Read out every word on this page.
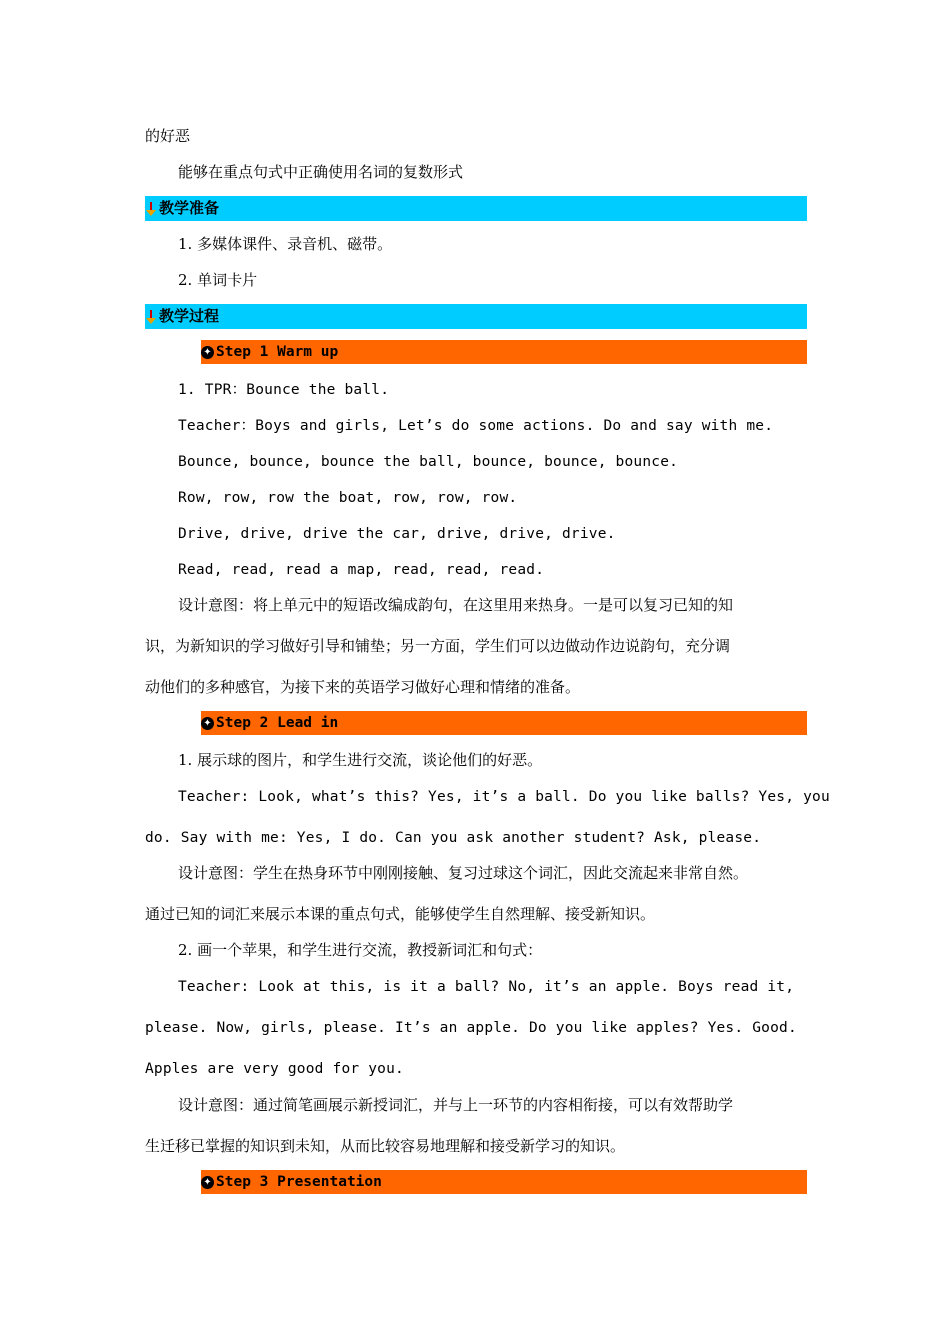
的好恶
能够在重点句式中正确使用名词的复数形式
教学准备
1. 多媒体课件、录音机、磁带。
2. 单词卡片
教学过程
✦ Step 1 Warm up
1. TPR：Bounce the ball.
Teacher：Boys and girls, Let’s do some actions. Do and say with me.
Bounce, bounce, bounce the ball, bounce, bounce, bounce.
Row, row, row the boat, row, row, row.
Drive, drive, drive the car, drive, drive, drive.
Read, read, read a map, read, read, read.
设计意图：将上单元中的短语改编成韵句，在这里用来热身。一是可以复习已知的知
识，为新知识的学习做好引导和铺垫；另一方面，学生们可以边做动作边说韵句，充分调
动他们的多种感官，为接下来的英语学习做好心理和情绪的准备。
✦ Step 2 Lead in
1. 展示球的图片，和学生进行交流，谈论他们的好恶。
Teacher: Look, what’s this? Yes, it’s a ball. Do you like balls? Yes, you
do. Say with me: Yes, I do. Can you ask another student? Ask, please.
设计意图：学生在热身环节中刚刚接触、复习过球这个词汇，因此交流起来非常自然。
通过已知的词汇来展示本课的重点句式，能够使学生自然理解、接受新知识。
2. 画一个苹果，和学生进行交流，教授新词汇和句式：
Teacher: Look at this, is it a ball? No, it’s an apple. Boys read it,
please. Now, girls, please. It’s an apple. Do you like apples? Yes. Good.
Apples are very good for you.
设计意图：通过简笔画展示新授词汇，并与上一环节的内容相衔接，可以有效帮助学
生迁移已掌握的知识到未知，从而比较容易地理解和接受新学习的知识。
✦ Step 3 Presentation
